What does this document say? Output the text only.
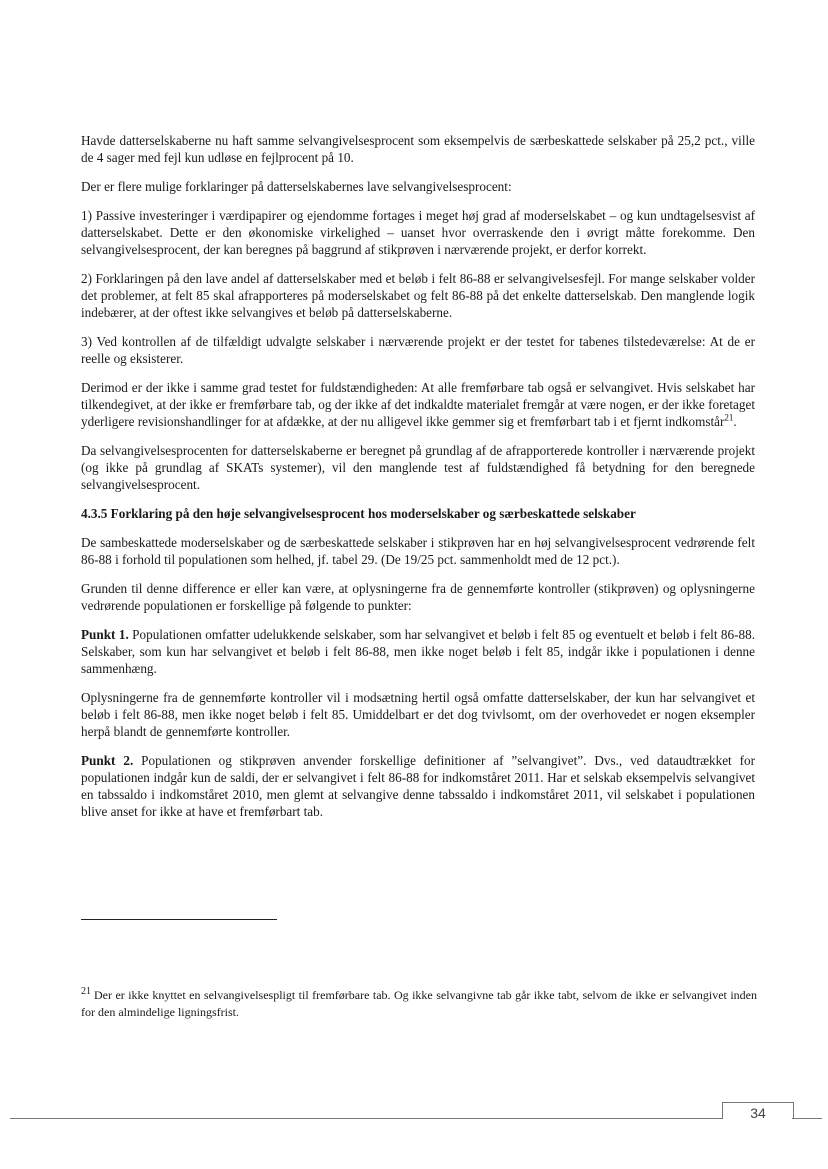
Havde datterselskaberne nu haft samme selvangivelsesprocent som eksempelvis de særbeskattede selskaber på 25,2 pct., ville de 4 sager med fejl kun udløse en fejlprocent på 10.

Der er flere mulige forklaringer på datterselskabernes lave selvangivelsesprocent:

1) Passive investeringer i værdipapirer og ejendomme fortages i meget høj grad af moderselskabet – og kun undtagelsesvist af datterselskabet. Dette er den økonomiske virkelighed – uanset hvor overraskende den i øvrigt måtte forekomme. Den selvangivelsesprocent, der kan beregnes på baggrund af stikprøven i nærværende projekt, er derfor korrekt.

2) Forklaringen på den lave andel af datterselskaber med et beløb i felt 86-88 er selvangivelsesfejl. For mange selskaber volder det problemer, at felt 85 skal afrapporteres på moderselskabet og felt 86-88 på det enkelte datterselskab. Den manglende logik indebærer, at der oftest ikke selvangives et beløb på datterselskaberne.

3) Ved kontrollen af de tilfældigt udvalgte selskaber i nærværende projekt er der testet for tabenes tilstedeværelse: At de er reelle og eksisterer.

Derimod er der ikke i samme grad testet for fuldstændigheden: At alle fremførbare tab også er selvangivet. Hvis selskabet har tilkendegivet, at der ikke er fremførbare tab, og der ikke af det indkaldte materialet fremgår at være nogen, er der ikke foretaget yderligere revisionshandlinger for at afdække, at der nu alligevel ikke gemmer sig et fremførbart tab i et fjernt indkomstår$^{21}$.

Da selvangivelsesprocenten for datterselskaberne er beregnet på grundlag af de afrapporterede kontroller i nærværende projekt (og ikke på grundlag af SKATs systemer), vil den manglende test af fuldstændighed få betydning for den beregnede selvangivelsesprocent.

4.3.5 Forklaring på den høje selvangivelsesprocent hos moderselskaber og særbeskattede selskaber

De sambeskattede moderselskaber og de særbeskattede selskaber i stikprøven har en høj selvangivelsesprocent vedrørende felt 86-88 i forhold til populationen som helhed, jf. tabel 29. (De 19/25 pct. sammenholdt med de 12 pct.).

Grunden til denne difference er eller kan være, at oplysningerne fra de gennemførte kontroller (stikprøven) og oplysningerne vedrørende populationen er forskellige på følgende to punkter:

Punkt 1. Populationen omfatter udelukkende selskaber, som har selvangivet et beløb i felt 85 og eventuelt et beløb i felt 86-88. Selskaber, som kun har selvangivet et beløb i felt 86-88, men ikke noget beløb i felt 85, indgår ikke i populationen i denne sammenhæng.

Oplysningerne fra de gennemførte kontroller vil i modsætning hertil også omfatte datterselskaber, der kun har selvangivet et beløb i felt 86-88, men ikke noget beløb i felt 85. Umiddelbart er det dog tvivlsomt, om der overhovedet er nogen eksempler herpå blandt de gennemførte kontroller.

Punkt 2. Populationen og stikprøven anvender forskellige definitioner af ”selvangivet”. Dvs., ved dataudtrækket for populationen indgår kun de saldi, der er selvangivet i felt 86-88 for indkomståret 2011. Har et selskab eksempelvis selvangivet en tabssaldo i indkomståret 2010, men glemt at selvangive denne tabssaldo i indkomståret 2011, vil selskabet i populationen blive anset for ikke at have et fremførbart tab.

$^{21}$ Der er ikke knyttet en selvangivelsespligt til fremførbare tab. Og ikke selvangivne tab går ikke tabt, selvom de ikke er selvangivet inden for den almindelige ligningsfrist.
34
